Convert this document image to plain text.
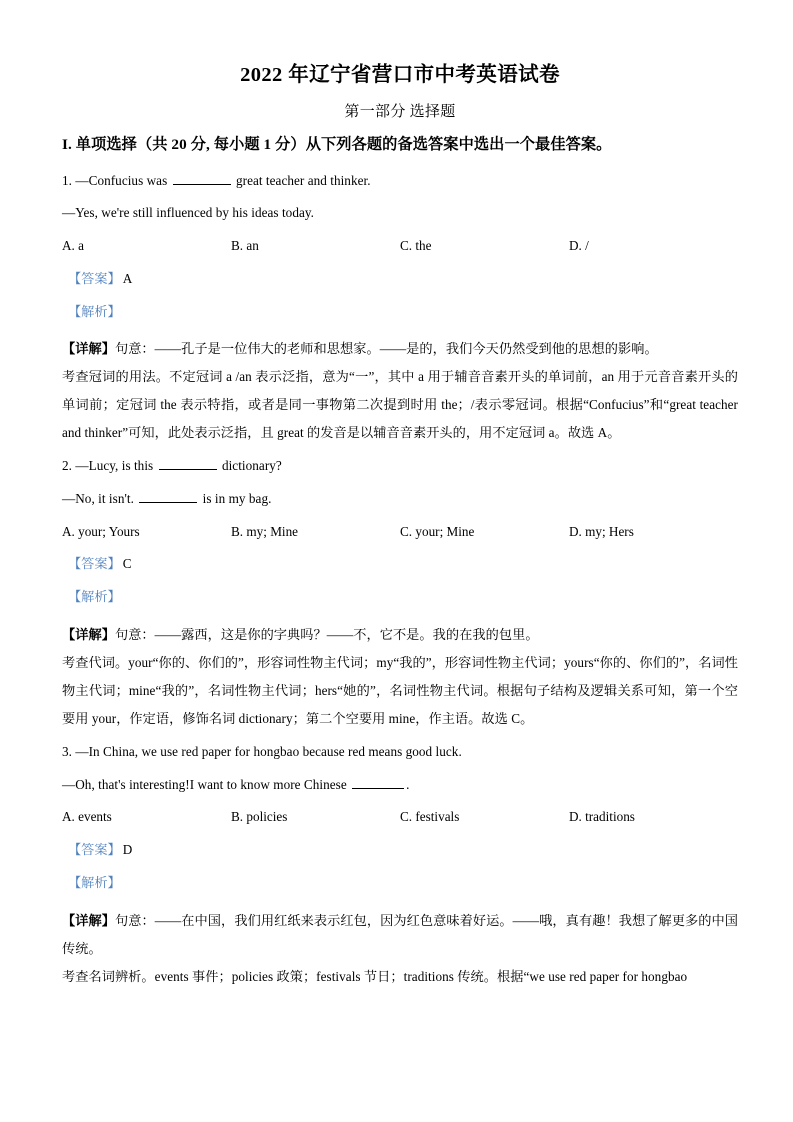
2022 年辽宁省营口市中考英语试卷
第一部分 选择题
I. 单项选择（共 20 分, 每小题 1 分）从下列各题的备选答案中选出一个最佳答案。
1. —Confucius was	great teacher and thinker.
—Yes, we're still influenced by his ideas today.
A. a	B. an	C. the	D. /
【答案】 A
【解析】
【详解】句意：——孔子是一位伟大的老师和思想家。——是的，我们今天仍然受到他的思想的影响。
考查冠词的用法。不定冠词 a /an 表示泛指，意为“一”，其中 a 用于辅音音素开头的单词前，an 用于元音音素开头的单词前；定冠词 the 表示特指，或者是同一事物第二次提到时用 the；/表示零冠词。根据“Confucius”和“great teacher and thinker”可知，此处表示泛指，且 great 的发音是以辅音音素开头的，用不定冠词 a。故选 A。
2. —Lucy, is this	dictionary?
—No, it isn't.	is in my bag.
A. your; Yours	B. my; Mine	C. your; Mine	D. my; Hers
【答案】 C
【解析】
【详解】句意：——露西，这是你的字典吗？——不，它不是。我的在我的包里。
考查代词。your“你的、你们的”，形容词性物主代词；my“我的”，形容词性物主代词；yours“你的、你们的”，名词性物主代词；mine“我的”，名词性物主代词；hers“她的”，名词性物主代词。根据句子结构及逻辑关系可知，第一个空要用 your，作定语，修饰名词 dictionary；第二个空要用 mine，作主语。故选 C。
3. —In China, we use red paper for hongbao because red means good luck.
—Oh, that's interesting!I want to know more Chinese	.
A. events	B. policies	C. festivals	D. traditions
【答案】 D
【解析】
【详解】句意：——在中国，我们用红纸来表示红包，因为红色意味着好运。——哦，真有趣！我想了解更多的中国传统。
考查名词辨析。events 事件；policies 政策；festivals 节日；traditions 传统。根据“we use red paper for hongbao
